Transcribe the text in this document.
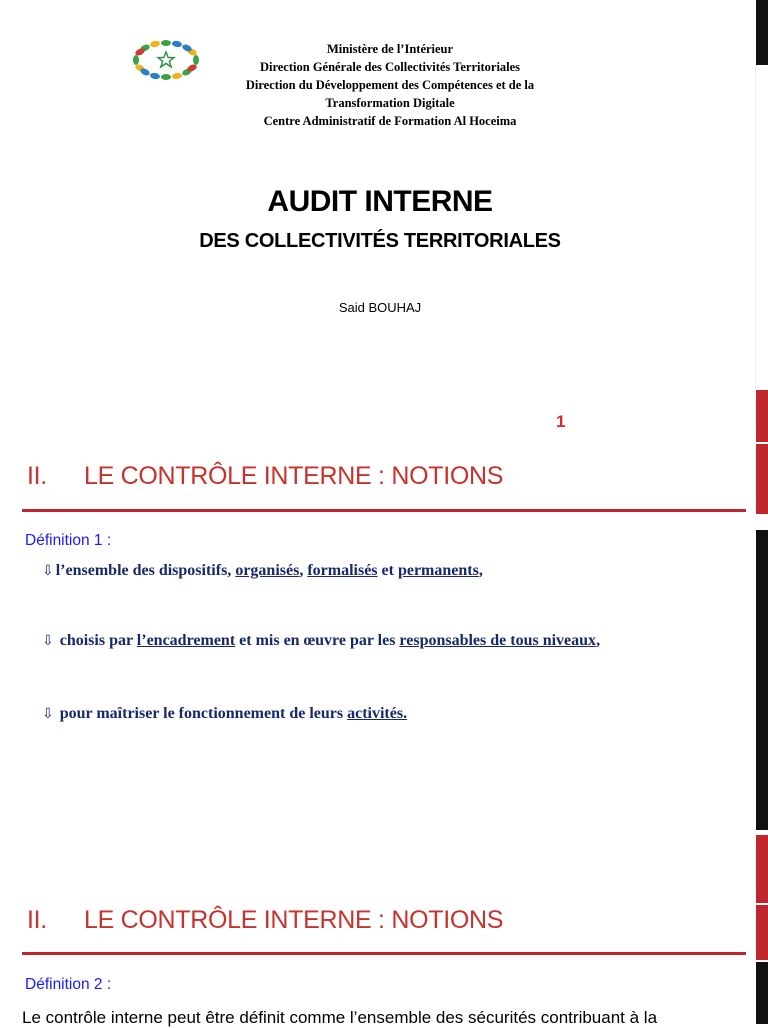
Ministère de l’Intérieur
Direction Générale des Collectivités Territoriales
Direction du Développement des Compétences et de la
Transformation Digitale
Centre Administratif de Formation Al Hoceima
AUDIT INTERNE
DES COLLECTIVITÉS TERRITORIALES
Said BOUHAJ
1
II. LE CONTRÔLE INTERNE : NOTIONS
Définition 1 :
⇩ l’ensemble des dispositifs, organisés, formalisés et permanents,
⇩ choisis par l’encadrement et mis en œuvre par les responsables de tous niveaux,
⇩ pour maîtriser le fonctionnement de leurs activités.
II. LE CONTRÔLE INTERNE : NOTIONS
Définition 2 :
Le contrôle interne peut être définit comme l’ensemble des sécurités contribuant à la
